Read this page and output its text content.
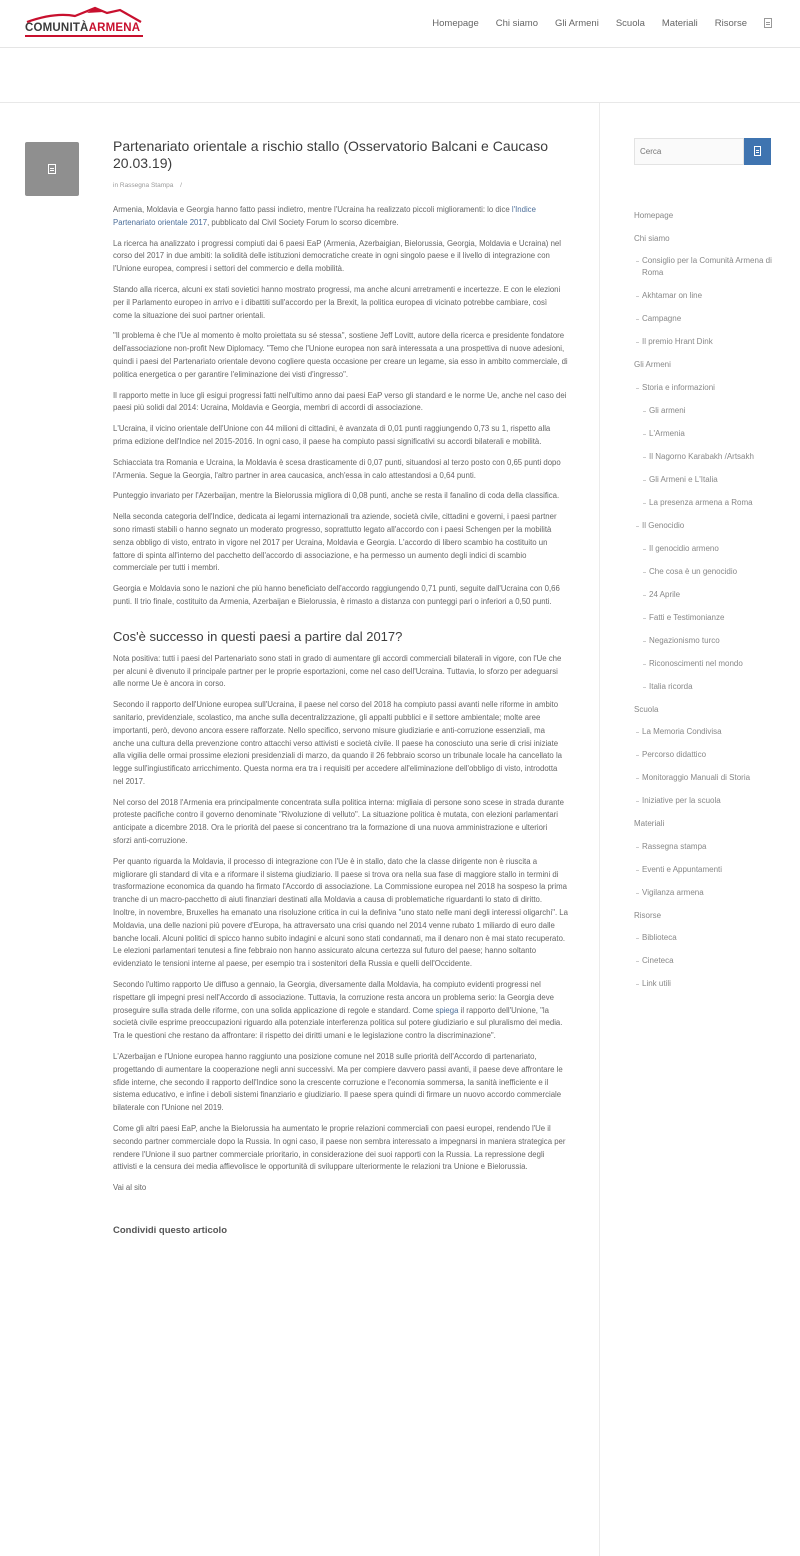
COMUNITÀARMENA	Homepage Chi siamo Gli Armeni Scuola Materiali Risorse
Partenariato orientale a rischio stallo (Osservatorio Balcani e Caucaso 20.03.19)
in Rassegna Stampa /

Armenia, Moldavia e Georgia hanno fatto passi indietro, mentre l'Ucraina ha realizzato piccoli miglioramenti: lo dice l'Indice Partenariato orientale 2017, pubblicato dal Civil Society Forum lo scorso dicembre.

La ricerca ha analizzato i progressi compiuti dai 6 paesi EaP (Armenia, Azerbaigian, Bielorussia, Georgia, Moldavia e Ucraina) nel corso del 2017 in due ambiti: la solidità delle istituzioni democratiche create in ogni singolo paese e il livello di integrazione con l'Unione europea, compresi i settori del commercio e della mobilità.

Stando alla ricerca, alcuni ex stati sovietici hanno mostrato progressi, ma anche alcuni arretramenti e incertezze. E con le elezioni per il Parlamento europeo in arrivo e i dibattiti sull'accordo per la Brexit, la politica europea di vicinato potrebbe cambiare, così come la situazione dei suoi partner orientali.

"Il problema è che l'Ue al momento è molto proiettata su sé stessa", sostiene Jeff Lovitt, autore della ricerca e presidente fondatore dell'associazione non-profit New Diplomacy. "Temo che l'Unione europea non sarà interessata a una prospettiva di nuove adesioni, quindi i paesi del Partenariato orientale devono cogliere questa occasione per creare un legame, sia esso in ambito commerciale, di politica energetica o per garantire l'eliminazione dei visti d'ingresso".

Il rapporto mette in luce gli esigui progressi fatti nell'ultimo anno dai paesi EaP verso gli standard e le norme Ue, anche nel caso dei paesi più solidi dal 2014: Ucraina, Moldavia e Georgia, membri di accordi di associazione.

L'Ucraina, il vicino orientale dell'Unione con 44 milioni di cittadini, è avanzata di 0,01 punti raggiungendo 0,73 su 1, rispetto alla prima edizione dell'Indice nel 2015-2016. In ogni caso, il paese ha compiuto passi significativi su accordi bilaterali e mobilità.

Schiacciata tra Romania e Ucraina, la Moldavia è scesa drasticamente di 0,07 punti, situandosi al terzo posto con 0,65 punti dopo l'Armenia. Segue la Georgia, l'altro partner in area caucasica, anch'essa in calo attestandosi a 0,64 punti.

Punteggio invariato per l'Azerbaijan, mentre la Bielorussia migliora di 0,08 punti, anche se resta il fanalino di coda della classifica.

Nella seconda categoria dell'Indice, dedicata ai legami internazionali tra aziende, società civile, cittadini e governi, i paesi partner sono rimasti stabili o hanno segnato un moderato progresso, soprattutto legato all'accordo con i paesi Schengen per la mobilità senza obbligo di visto, entrato in vigore nel 2017 per Ucraina, Moldavia e Georgia. L'accordo di libero scambio ha costituito un fattore di spinta all'interno del pacchetto dell'accordo di associazione, e ha permesso un aumento degli indici di scambio commerciale per tutti i membri.

Georgia e Moldavia sono le nazioni che più hanno beneficiato dell'accordo raggiungendo 0,71 punti, seguite dall'Ucraina con 0,66 punti. Il trio finale, costituito da Armenia, Azerbaijan e Bielorussia, è rimasto a distanza con punteggi pari o inferiori a 0,50 punti.

Cos'è successo in questi paesi a partire dal 2017?

Nota positiva: tutti i paesi del Partenariato sono stati in grado di aumentare gli accordi commerciali bilaterali in vigore, con l'Ue che per alcuni è divenuto il principale partner per le proprie esportazioni, come nel caso dell'Ucraina. Tuttavia, lo sforzo per adeguarsi alle norme Ue è ancora in corso.

Secondo il rapporto dell'Unione europea sull'Ucraina, il paese nel corso del 2018 ha compiuto passi avanti nelle riforme in ambito sanitario, previdenziale, scolastico, ma anche sulla decentralizzazione, gli appalti pubblici e il settore ambientale; molte aree importanti, però, devono ancora essere rafforzate. Nello specifico, servono misure giudiziarie e anti-corruzione essenziali, ma anche una cultura della prevenzione contro attacchi verso attivisti e società civile. Il paese ha conosciuto una serie di crisi iniziate alla vigilia delle ormai prossime elezioni presidenziali di marzo, da quando il 26 febbraio scorso un tribunale locale ha cancellato la legge sull'ingiustificato arricchimento. Questa norma era tra i requisiti per accedere all'eliminazione dell'obbligo di visto, introdotta nel 2017.

Nel corso del 2018 l'Armenia era principalmente concentrata sulla politica interna: migliaia di persone sono scese in strada durante proteste pacifiche contro il governo denominate "Rivoluzione di velluto". La situazione politica è mutata, con elezioni parlamentari anticipate a dicembre 2018. Ora le priorità del paese si concentrano tra la formazione di una nuova amministrazione e ulteriori sforzi anti-corruzione.

Per quanto riguarda la Moldavia, il processo di integrazione con l'Ue è in stallo, dato che la classe dirigente non è riuscita a migliorare gli standard di vita e a riformare il sistema giudiziario. Il paese si trova ora nella sua fase di maggiore stallo in termini di trasformazione economica da quando ha firmato l'Accordo di associazione. La Commissione europea nel 2018 ha sospeso la prima tranche di un macro-pacchetto di aiuti finanziari destinati alla Moldavia a causa di problematiche riguardanti lo stato di diritto. Inoltre, in novembre, Bruxelles ha emanato una risoluzione critica in cui la definiva "uno stato nelle mani degli interessi oligarchi". La Moldavia, una delle nazioni più povere d'Europa, ha attraversato una crisi quando nel 2014 venne rubato 1 miliardo di euro dalle banche locali. Alcuni politici di spicco hanno subito indagini e alcuni sono stati condannati, ma il denaro non è mai stato recuperato. Le elezioni parlamentari tenutesi a fine febbraio non hanno assicurato alcuna certezza sul futuro del paese; hanno soltanto evidenziato le tensioni interne al paese, per esempio tra i sostenitori della Russia e quelli dell'Occidente.

Secondo l'ultimo rapporto Ue diffuso a gennaio, la Georgia, diversamente dalla Moldavia, ha compiuto evidenti progressi nel rispettare gli impegni presi nell'Accordo di associazione. Tuttavia, la corruzione resta ancora un problema serio: la Georgia deve proseguire sulla strada delle riforme, con una solida applicazione di regole e standard. Come spiega il rapporto dell'Unione, "la società civile esprime preoccupazioni riguardo alla potenziale interferenza politica sul potere giudiziario e sul pluralismo dei media. Tra le questioni che restano da affrontare: il rispetto dei diritti umani e le legislazione contro la discriminazione".

L'Azerbaijan e l'Unione europea hanno raggiunto una posizione comune nel 2018 sulle priorità dell'Accordo di partenariato, progettando di aumentare la cooperazione negli anni successivi. Ma per compiere davvero passi avanti, il paese deve affrontare le sfide interne, che secondo il rapporto dell'Indice sono la crescente corruzione e l'economia sommersa, la sanità inefficiente e il sistema educativo, e infine i deboli sistemi finanziario e giudiziario. Il paese spera quindi di firmare un nuovo accordo commerciale bilaterale con l'Unione nel 2019.

Come gli altri paesi EaP, anche la Bielorussia ha aumentato le proprie relazioni commerciali con paesi europei, rendendo l'Ue il secondo partner commerciale dopo la Russia. In ogni caso, il paese non sembra interessato a impegnarsi in maniera strategica per rendere l'Unione il suo partner commerciale prioritario, in considerazione dei suoi rapporti con la Russia. La repressione degli attivisti e la censura dei media affievolisce le opportunità di sviluppare ulteriormente le relazioni tra Unione e Bielorussia.

Vai al sito

Condividi questo articolo
Cerca
Homepage
Chi siamo
Consiglio per la Comunità Armena di Roma
Akhtamar on line
Campagne
Il premio Hrant Dink
Gli Armeni
Storia e informazioni
Gli armeni
L'Armenia
Il Nagorno Karabakh /Artsakh
Gli Armeni e L'Italia
La presenza armena a Roma
Il Genocidio
Il genocidio armeno
Che cosa è un genocidio
24 Aprile
Fatti e Testimonianze
Negazionismo turco
Riconoscimenti nel mondo
Italia ricorda
Scuola
La Memoria Condivisa
Percorso didattico
Monitoraggio Manuali di Storia
Iniziative per la scuola
Materiali
Rassegna stampa
Eventi e Appuntamenti
Vigilanza armena
Risorse
Biblioteca
Cineteca
Link utili
